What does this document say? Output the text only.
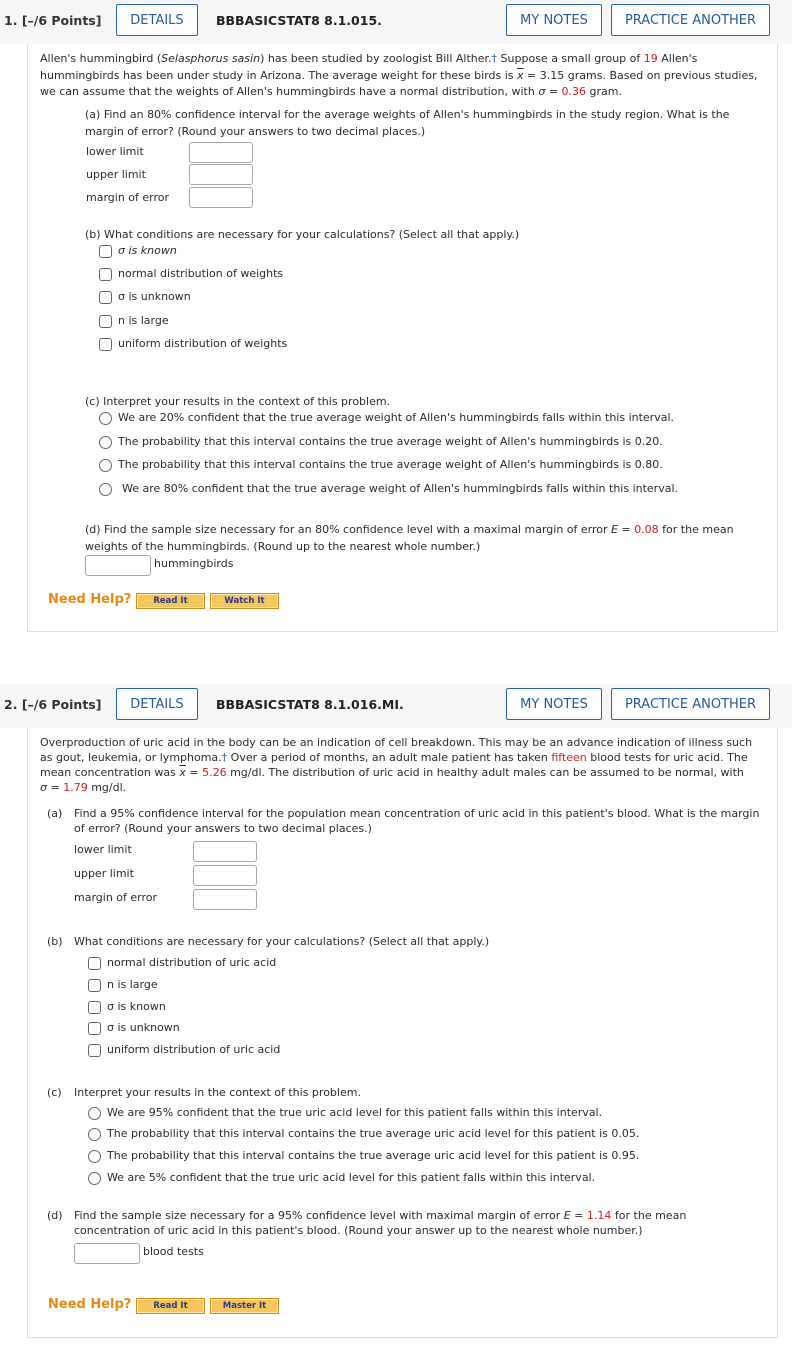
1. [–/6 Points]	DETAILS	BBBASICSTAT8 8.1.015.	MY NOTES	PRACTICE ANOTHER
Allen's hummingbird (Selasphorus sasin) has been studied by zoologist Bill Alther.† Suppose a small group of 19 Allen's
hummingbirds has been under study in Arizona. The average weight for these birds is $\overline{x} = 3.15$ grams. Based on previous studies,
we can assume that the weights of Allen's hummingbirds have a normal distribution, with σ = 0.36 gram.
(a) Find an 80% confidence interval for the average weights of Allen's hummingbirds in the study region. What is the
margin of error? (Round your answers to two decimal places.)
lower limit
upper limit
margin of error
(b) What conditions are necessary for your calculations? (Select all that apply.)
σ is known
normal distribution of weights
σ is unknown
n is large
uniform distribution of weights
(c) Interpret your results in the context of this problem.
We are 20% confident that the true average weight of Allen's hummingbirds falls within this interval.
The probability that this interval contains the true average weight of Allen's hummingbirds is 0.20.
The probability that this interval contains the true average weight of Allen's hummingbirds is 0.80.
We are 80% confident that the true average weight of Allen's hummingbirds falls within this interval.
(d) Find the sample size necessary for an 80% confidence level with a maximal margin of error E = 0.08 for the mean
weights of the hummingbirds. (Round up to the nearest whole number.)
hummingbirds
Need Help?	Read It	Watch It
2. [–/6 Points]	DETAILS	BBBASICSTAT8 8.1.016.MI.	MY NOTES	PRACTICE ANOTHER
Overproduction of uric acid in the body can be an indication of cell breakdown. This may be an advance indication of illness such
as gout, leukemia, or lymphoma.† Over a period of months, an adult male patient has taken fifteen blood tests for uric acid. The
mean concentration was $\overline{x} = 5.26$ mg/dl. The distribution of uric acid in healthy adult males can be assumed to be normal, with
σ = 1.79 mg/dl.
(a) Find a 95% confidence interval for the population mean concentration of uric acid in this patient's blood. What is the margin
of error? (Round your answers to two decimal places.)
lower limit
upper limit
margin of error
(b) What conditions are necessary for your calculations? (Select all that apply.)
normal distribution of uric acid
n is large
σ is known
σ is unknown
uniform distribution of uric acid
(c) Interpret your results in the context of this problem.
We are 95% confident that the true uric acid level for this patient falls within this interval.
The probability that this interval contains the true average uric acid level for this patient is 0.05.
The probability that this interval contains the true average uric acid level for this patient is 0.95.
We are 5% confident that the true uric acid level for this patient falls within this interval.
(d) Find the sample size necessary for a 95% confidence level with maximal margin of error E = 1.14 for the mean
concentration of uric acid in this patient's blood. (Round your answer up to the nearest whole number.)
blood tests
Need Help?	Read It	Master It
